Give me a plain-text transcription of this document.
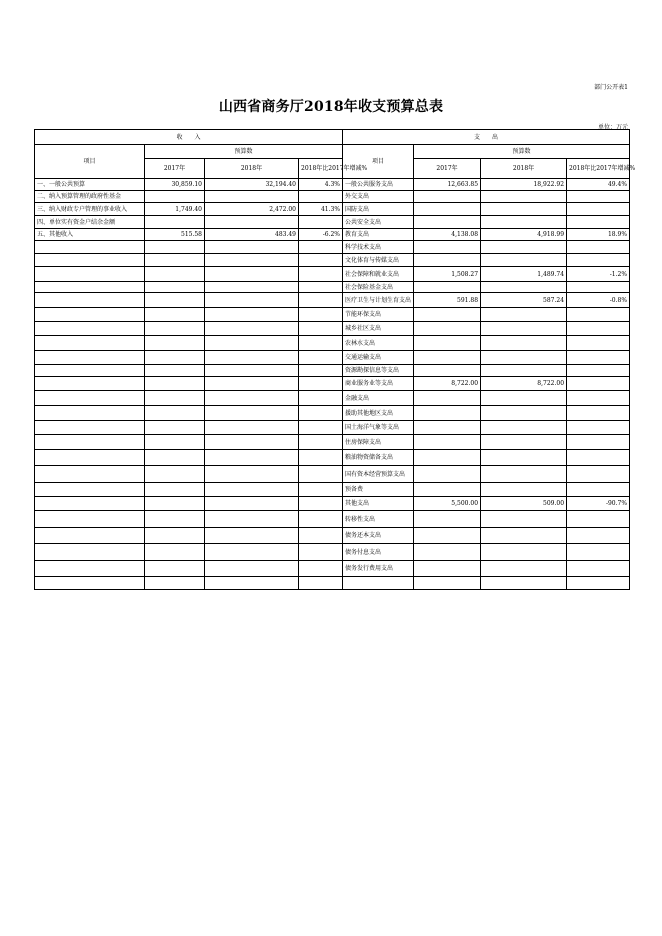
部门公开表1
山西省商务厅2018年收支预算总表
单位：万元
收　　入				支　　出			
项目	预算数			项目	预算数		
	2017年	2018年	2018年比2017年增减%		2017年	2018年	2018年比2017年增减%
一、一般公共预算	30,859.10	32,194.40	4.3%	一般公共服务支出	12,663.85	18,922.92	49.4%
二、纳入预算管理的政府性基金				外交支出			
三、纳入财政专户管理的事业收入	1,749.40	2,472.00	41.3%	国防支出			
四、单位实有资金户结余金额				公共安全支出			
五、其他收入	515.58	483.49	-6.2%	教育支出	4,138.08	4,918.99	18.9%
				科学技术支出			
				文化体育与传媒支出			
				社会保障和就业支出	1,508.27	1,489.74	-1.2%
				社会保险基金支出			
				医疗卫生与计划生育支出	591.88	587.24	-0.8%
				节能环保支出			
				城乡社区支出			
				农林水支出			
				交通运输支出			
				资源勘探信息等支出			
				商业服务业等支出	8,722.00	8,722.00	
				金融支出			
				援助其他地区支出			
				国土海洋气象等支出			
				住房保障支出			
				粮油物资储备支出			
				国有资本经营预算支出			
				预备费			
				其他支出	5,500.00	509.00	-90.7%
				转移性支出			
				债务还本支出			
				债务付息支出			
				债务发行费用支出			
